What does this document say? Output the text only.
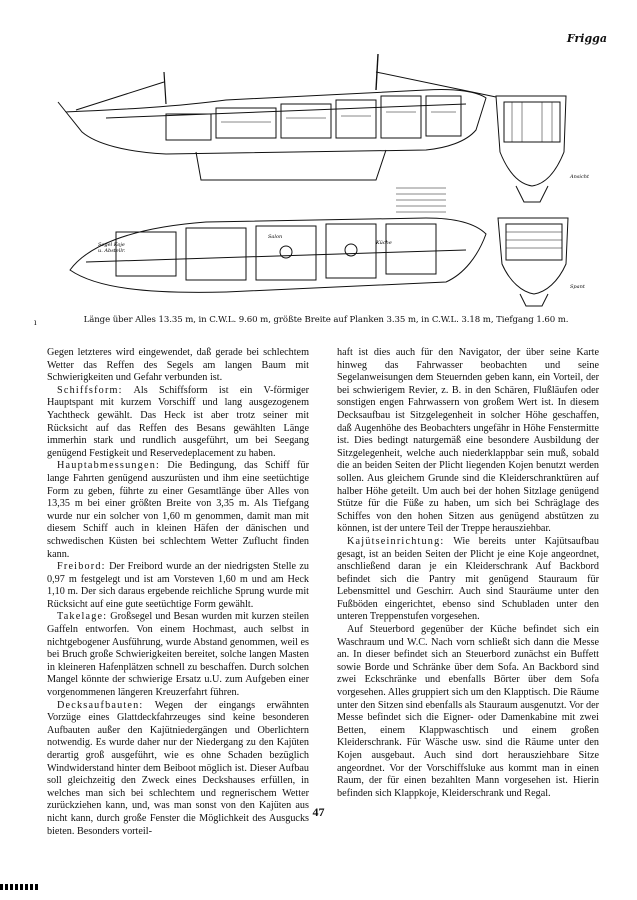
Frigga
Segel Koje
u. Abstellr.
Küche
Salon
Ansicht
Spant
ı	Länge über Alles 13.35 m, in C.W.L. 9.60 m, größte Breite auf Planken 3.35 m, in C.W.L. 3.18 m, Tiefgang 1.60 m.

Gegen letzteres wird eingewendet, daß gerade bei schlechtem Wetter das Reffen des Segels am langen Baum mit Schwierigkeiten und Gefahr verbunden ist.

Schiffsform: Als Schiffsform ist ein V-förmiger Hauptspant mit kurzem Vorschiff und lang ausgezogenem Yachtheck gewählt. Das Heck ist aber trotz seiner mit Rücksicht auf das Reffen des Besans gewählten Länge immerhin stark und rundlich ausgeführt, um bei Seegang genügend Festigkeit und Reservedeplacement zu haben.

Hauptabmessungen: Die Bedingung, das Schiff für lange Fahrten genügend auszurüsten und ihm eine seetüchtige Form zu geben, führte zu einer Gesamtlänge über Alles von 13,35 m bei einer größten Breite von 3,35 m. Als Tiefgang wurde nur ein solcher von 1,60 m genommen, damit man mit diesem Schiff auch in kleinen Häfen der dänischen und schwedischen Küsten bei schlechtem Wetter Zuflucht finden kann.

Freibord: Der Freibord wurde an der niedrigsten Stelle zu 0,97 m festgelegt und ist am Vorsteven 1,60 m und am Heck 1,10 m. Der sich daraus ergebende reichliche Sprung wurde mit Rücksicht auf eine gute seetüchtige Form gewählt.

Takelage: Großsegel und Besan wurden mit kurzen steilen Gaffeln entworfen. Von einem Hochmast, auch selbst in nichtgebogener Ausführung, wurde Abstand genommen, weil es bei Bruch große Schwierigkeiten bereitet, solche langen Masten in kleineren Hafenplätzen schnell zu beschaffen. Durch solchen Mangel könnte der schwierige Ersatz u.U. zum Aufgeben einer vorgenommenen längeren Kreuzerfahrt führen.

Decksaufbauten: Wegen der eingangs erwähnten Vorzüge eines Glattdeckfahrzeuges sind keine besonderen Aufbauten außer den Kajütniedergängen und Oberlichtern notwendig. Es wurde daher nur der Niedergang zu den Kajüten derartig groß ausgeführt, wie es ohne Schaden bezüglich Windwiderstand hinter dem Beiboot möglich ist. Dieser Aufbau soll gleichzeitig den Zweck eines Deckshauses erfüllen, in welches man sich bei schlechtem und regnerischem Wetter zurückziehen kann, und, was man sonst von den Kajüten aus nicht kann, durch große Fenster die Möglichkeit des Ausgucks bieten. Besonders vorteil-

haft ist dies auch für den Navigator, der über seine Karte hinweg das Fahrwasser beobachten und seine Segelanweisungen dem Steuernden geben kann, ein Vorteil, der bei schwierigem Revier, z. B. in den Schären, Flußläufen oder sonstigen engen Fahrwassern von großem Wert ist. In diesem Decksaufbau ist Sitzgelegenheit in solcher Höhe geschaffen, daß Augenhöhe des Beobachters ungefähr in Höhe Fenstermitte ist. Dies bedingt naturgemäß eine besondere Ausbildung der Sitzgelegenheit, welche auch niederklappbar sein muß, sobald die an beiden Seiten der Plicht liegenden Kojen benutzt werden sollen. Aus gleichem Grunde sind die Kleiderschranktüren auf halber Höhe geteilt. Um auch bei der hohen Sitzlage genügend Stütze für die Füße zu haben, um sich bei Schräglage des Schiffes von den hohen Sitzen aus genügend abstützen zu können, ist der untere Teil der Treppe herausziehbar.

Kajütseinrichtung: Wie bereits unter Kajütsaufbau gesagt, ist an beiden Seiten der Plicht je eine Koje angeordnet, anschließend daran je ein Kleiderschrank Auf Backbord befindet sich die Pantry mit genügend Stauraum für Lebensmittel und Geschirr. Auch sind Stauräume unter den Fußböden eingerichtet, ebenso sind Schubladen unter den unteren Treppenstufen vorgesehen.

Auf Steuerbord gegenüber der Küche befindet sich ein Waschraum und W.C. Nach vorn schließt sich dann die Messe an. In dieser befindet sich an Steuerbord zunächst ein Buffett sowie Borde und Schränke über dem Sofa. An Backbord sind zwei Eckschränke und ebenfalls Börter über dem Sofa vorgesehen. Alles gruppiert sich um den Klapptisch. Die Räume unter den Sitzen sind ebenfalls als Stauraum ausgenutzt. Vor der Messe befindet sich die Eigner- oder Damenkabine mit zwei Betten, einem Klappwaschtisch und einem großen Kleiderschrank. Für Wäsche usw. sind die Räume unter den Kojen ausgebaut. Auch sind dort herausziehbare Sitze angeordnet. Vor der Vorschiffsluke aus kommt man in einen Raum, der für einen bezahlten Mann vorgesehen ist. Hierin befinden sich Klappkoje, Kleiderschrank und Regal.

47
